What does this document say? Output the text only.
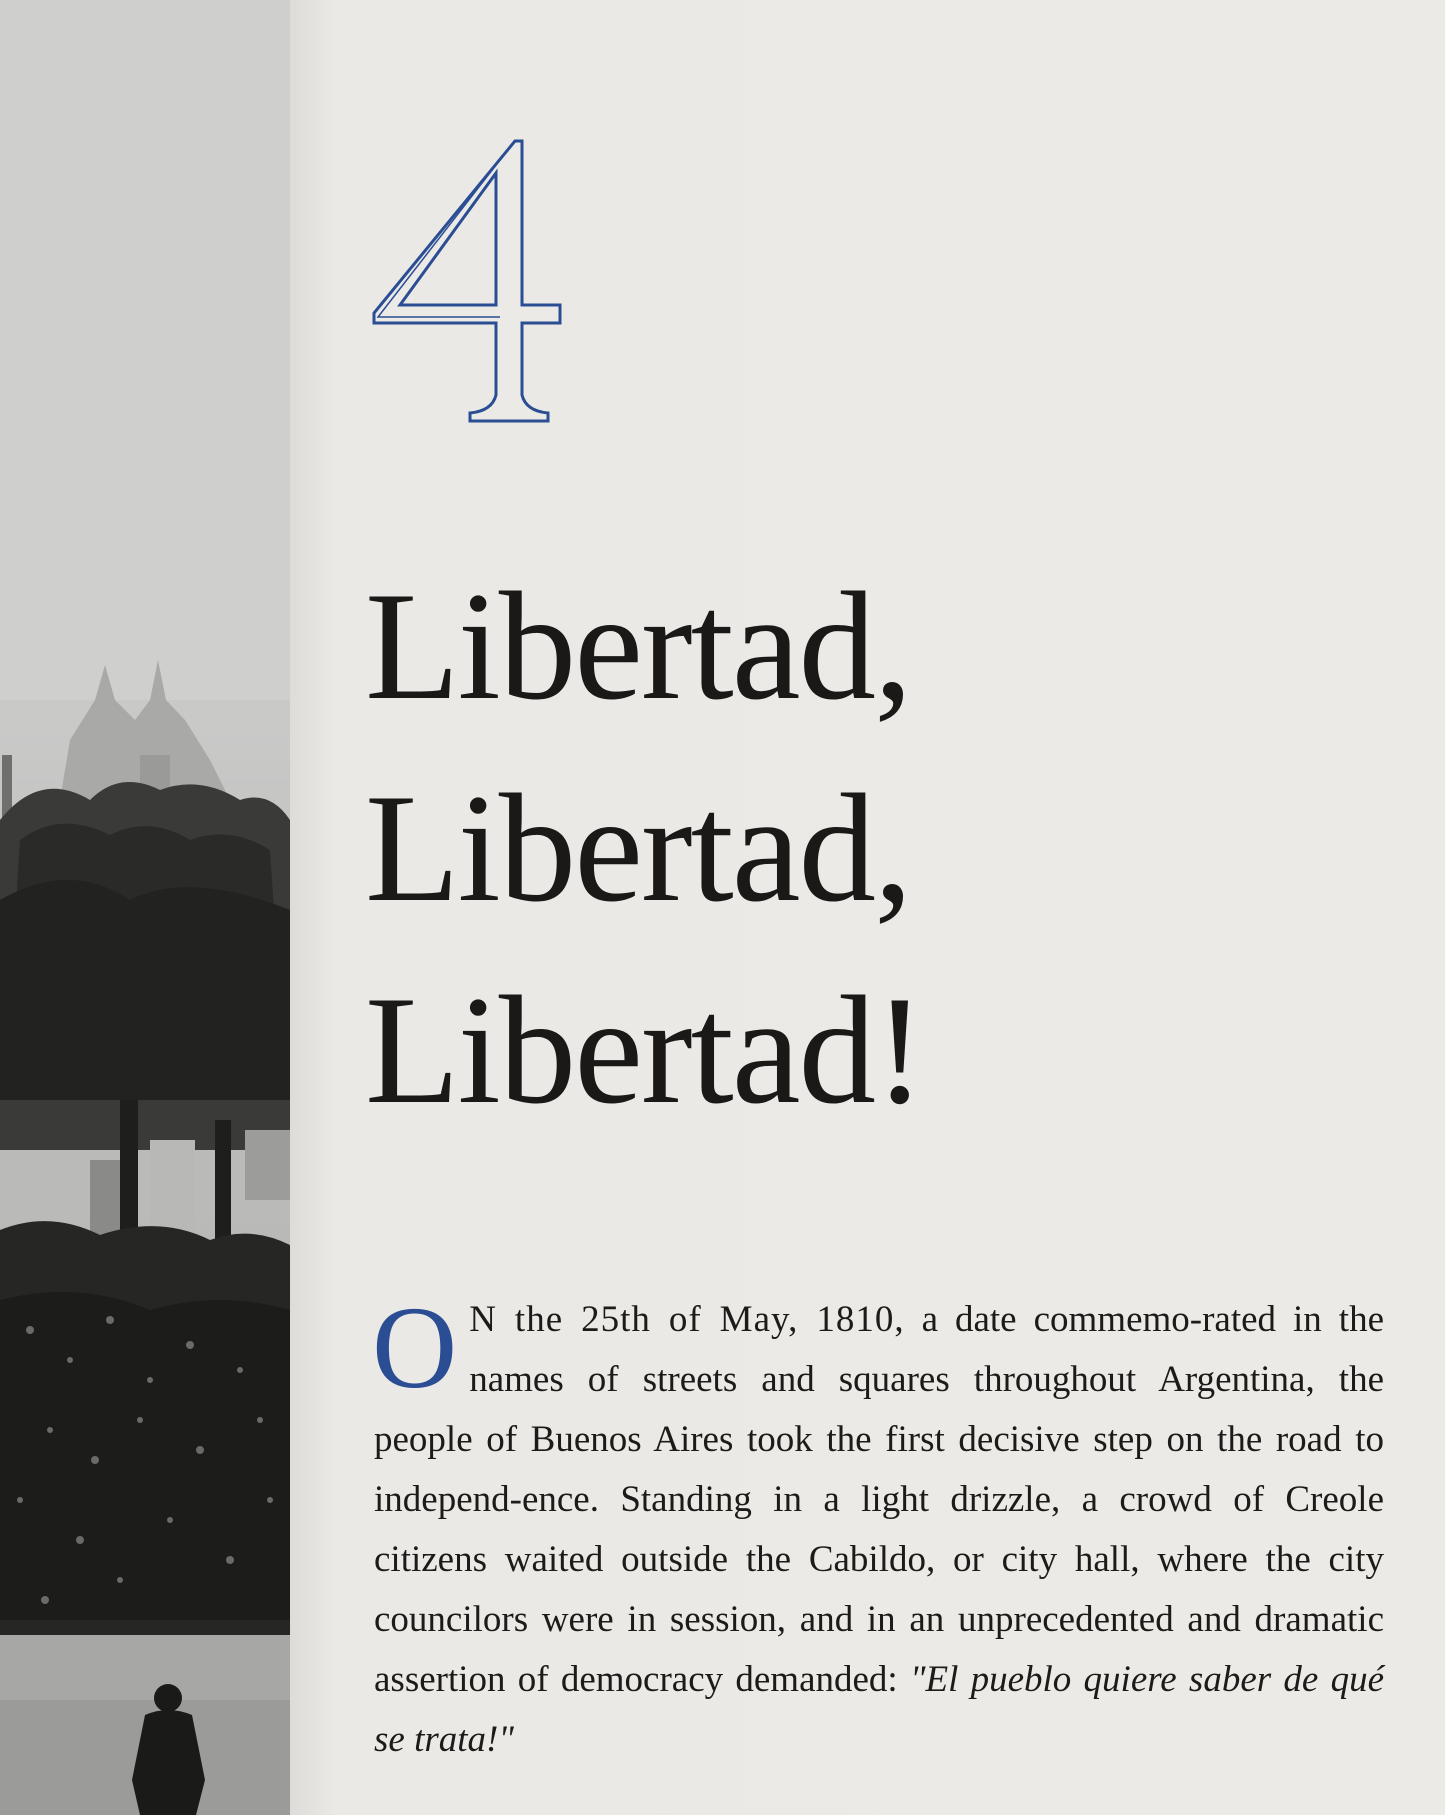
Libertad,
Libertad,
Libertad!

O N the 25th of May, 1810, a date commemo-rated in the names of streets and squares throughout Argentina, the people of Buenos Aires took the first decisive step on the road to independ-ence. Standing in a light drizzle, a crowd of Creole citizens waited outside the Cabildo, or city hall, where the city councilors were in session, and in an unprecedented and dramatic assertion of democracy demanded: "El pueblo quiere saber de qué se trata!"
